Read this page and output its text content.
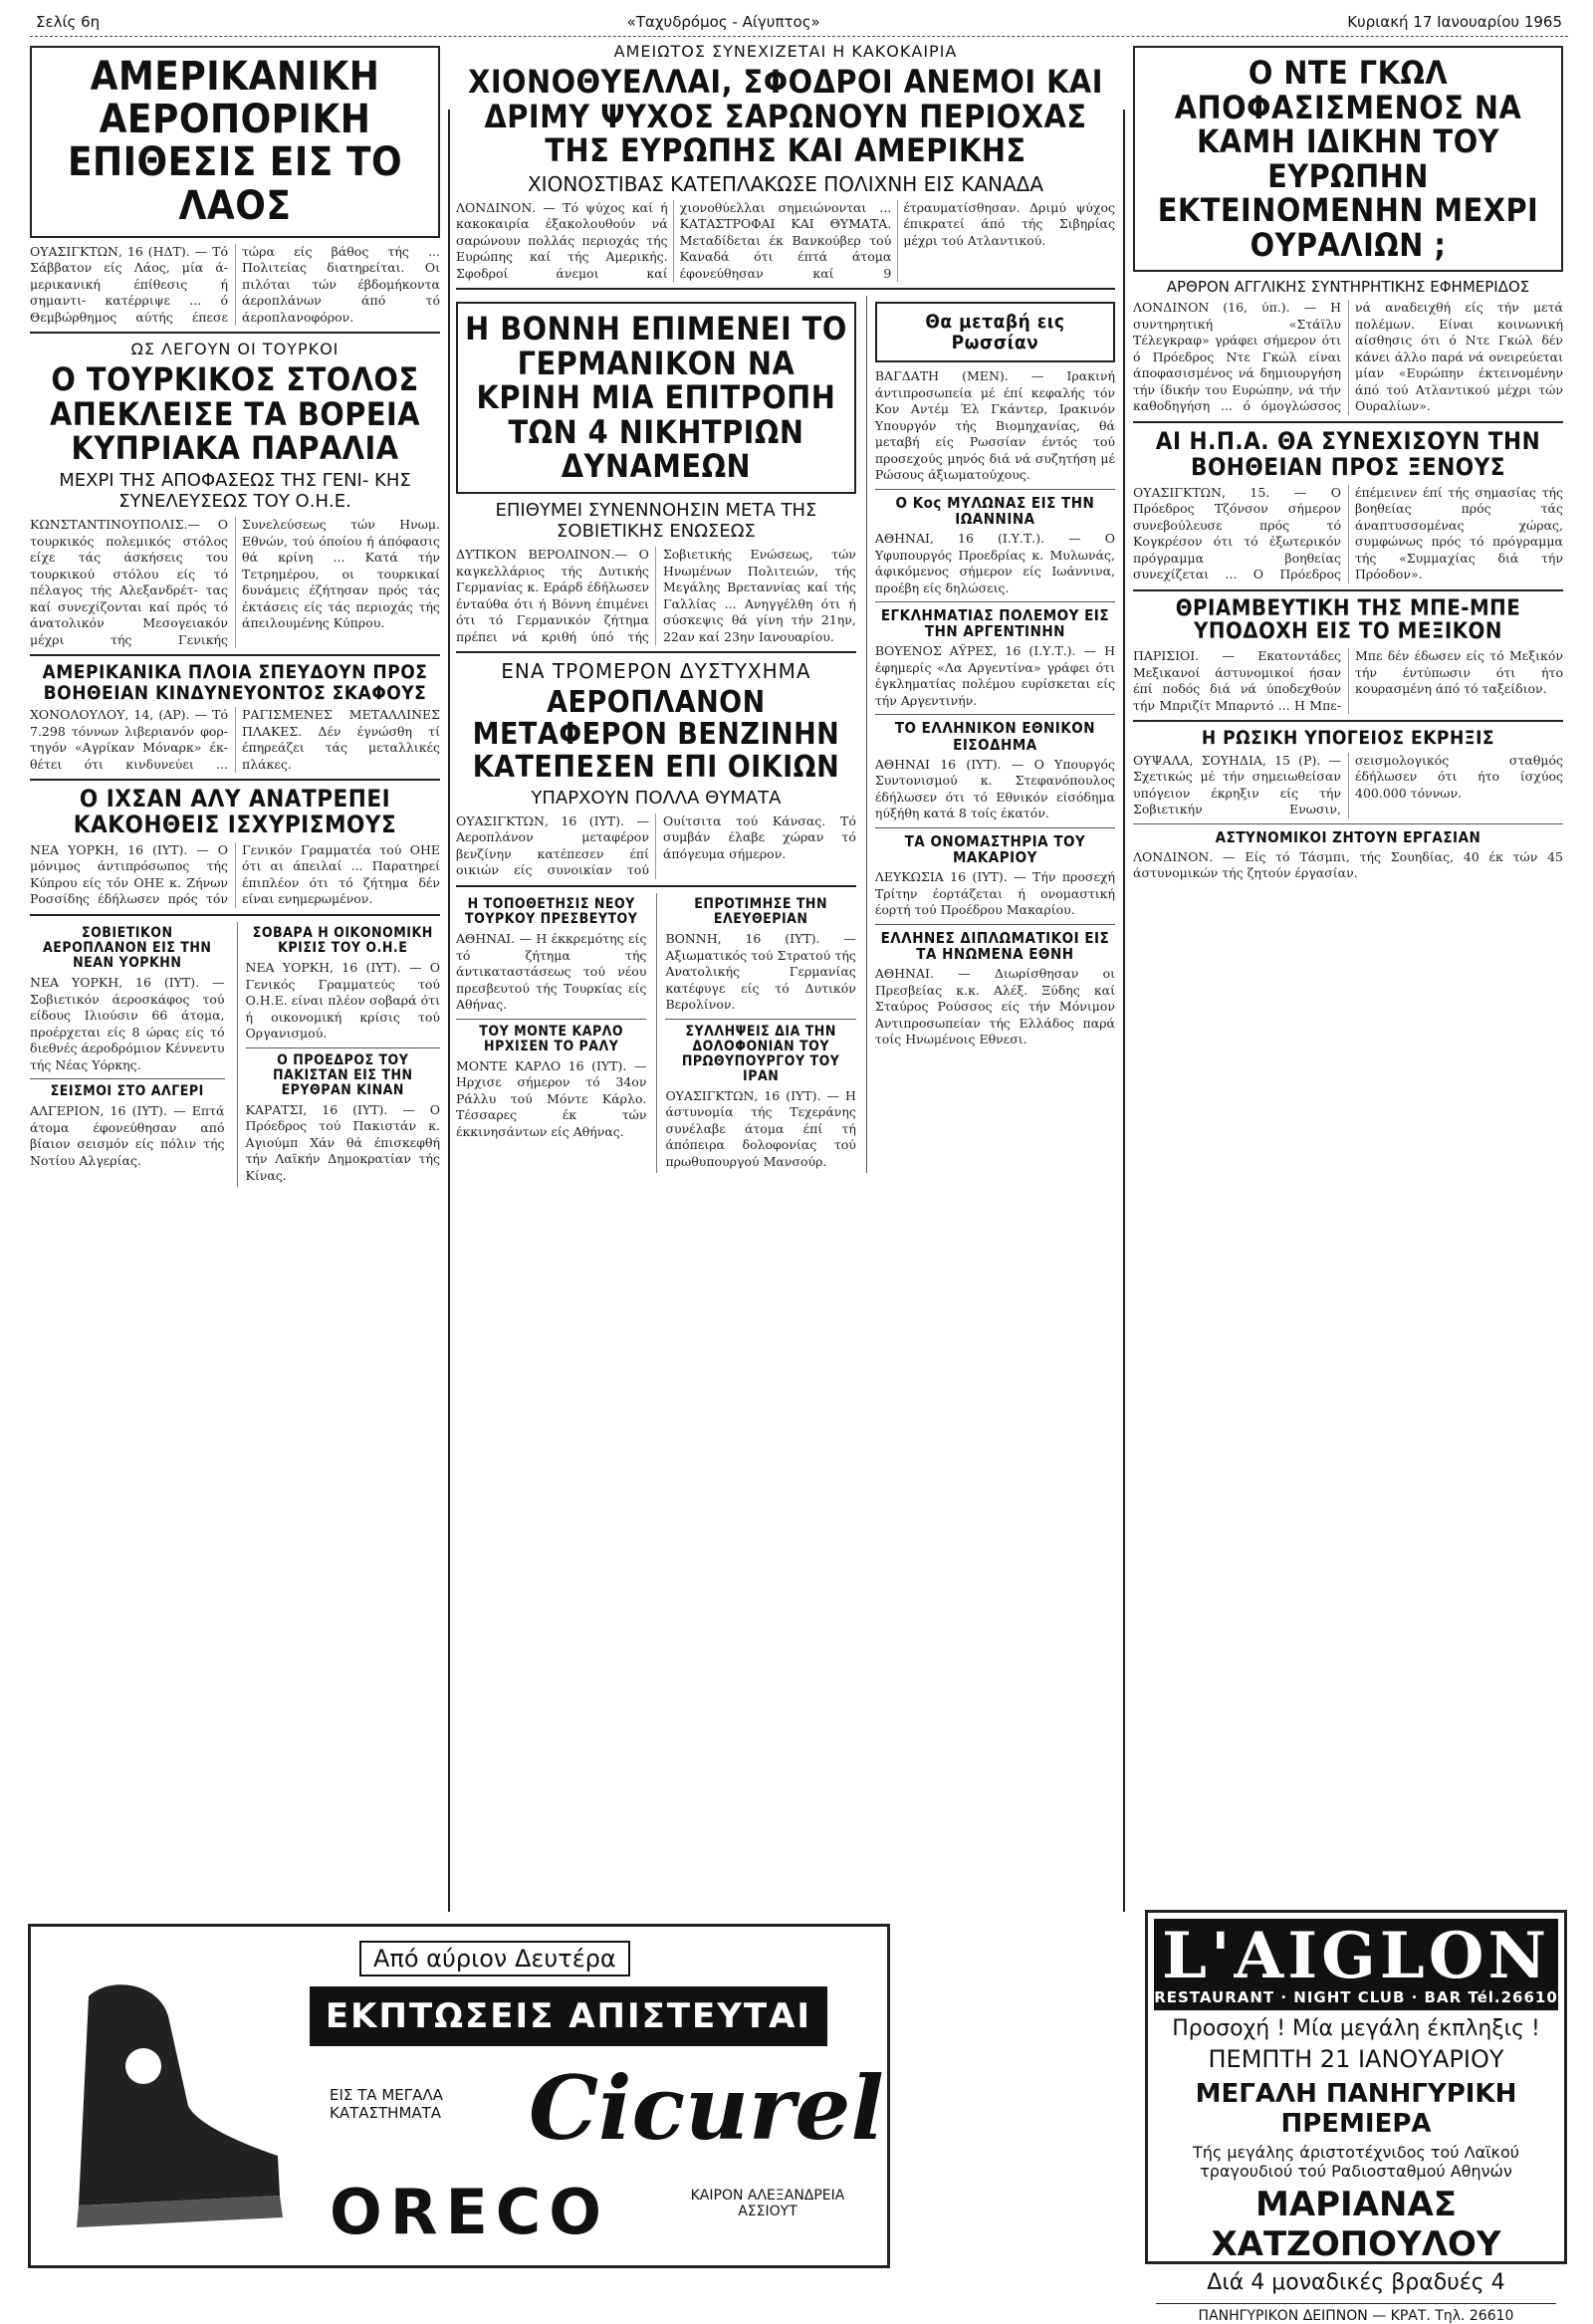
Σελίς 6η	«Ταχυδρόμος - Αίγυπτος»	Κυριακή 17 Ιανουαρίου 1965
ΑΜΕΡΙΚΑΝΙΚΗ ΑΕΡΟΠΟΡΙΚΗ ΕΠΙΘΕΣΙΣ ΕΙΣ ΤΟ ΛΑΟΣ
ΟΥΑΣΙΓΚΤΩΝ, 16 (ΗΔΤ). — Τό Σάββατον είς Λάος, μία ά- μερικανική έπίθεσις ή σημαντι- κατέρριψε ... ό Θεμβώρθημος αύτής έπεσε τώρα είς βάθος τής ... Πολιτείας διατηρείται. Οι πιλόται τών έβδομήκοντα άεροπλάνων άπό τό άεροπλανοφόρον.
ΩΣ ΛΕΓΟΥΝ ΟΙ ΤΟΥΡΚΟΙ
Ο ΤΟΥΡΚΙΚΟΣ ΣΤΟΛΟΣ ΑΠΕΚΛΕΙΣΕ ΤΑ ΒΟΡΕΙΑ ΚΥΠΡΙΑΚΑ ΠΑΡΑΛΙΑ
ΜΕΧΡΙ ΤΗΣ ΑΠΟΦΑΣΕΩΣ ΤΗΣ ΓΕΝΙ- ΚΗΣ ΣΥΝΕΛΕΥΣΕΩΣ ΤΟΥ Ο.Η.Ε.
ΚΩΝΣΤΑΝΤΙΝΟΥΠΟΛΙΣ.— Ο τουρκικός πολεμικός στόλος είχε τάς άσκήσεις του τουρκικού στόλου είς τό πέλαγος τής Αλεξανδρέτ- τας καί συνεχίζονται καί πρός τό άνατολικόν Μεσογειακόν μέχρι τής Γενικής Συνελεύσεως τών Ηνωμ. Εθνών, τού όποίου ή άπόφασις θά κρίνη ... Κατά τήν Τετρημέρου, οι τουρκικαί δυνάμεις έζήτησαν πρός τάς έκτάσεις είς τάς περιοχάς τής άπειλουμένης Κύπρου.
ΑΜΕΡΙΚΑΝΙΚΑ ΠΛΟΙΑ ΣΠΕΥΔΟΥΝ ΠΡΟΣ ΒΟΗΘΕΙΑΝ ΚΙΝΔΥΝΕΥΟΝΤΟΣ ΣΚΑΦΟΥΣ
ΧΟΝΟΛΟΥΛΟΥ, 14, (ΑΡ). — Τό 7.298 τόννων λιβεριανόν φορ- τηγόν «Αγρίκαν Μόναρκ» έκ- θέτει ότι κινδυνεύει ... ΡΑΓΙΣΜΕΝΕΣ ΜΕΤΑΛΛΙΝΕΣ ΠΛΑΚΕΣ. Δέν έγνώσθη τί έπηρεάζει τάς μεταλλικές πλάκες.
Ο ΙΧΣΑΝ ΑΛΥ ΑΝΑΤΡΕΠΕΙ ΚΑΚΟΗΘΕΙΣ ΙΣΧΥΡΙΣΜΟΥΣ
ΝΕΑ ΥΟΡΚΗ, 16 (ΙΥΤ). — Ο μόνιμος άντιπρόσωπος τής Κύπρου είς τόν ΟΗΕ κ. Ζήνων Ροσσίδης έδήλωσεν πρός τόν Γενικόν Γραμματέα τού ΟΗΕ ότι αι άπειλαί ... Παρατηρεί έπιπλέον ότι τό ζήτημα δέν είναι ενημερωμένον.
ΣΟΒΙΕΤΙΚΟΝ ΑΕΡΟΠΛΑΝΟΝ ΕΙΣ ΤΗΝ ΝΕΑΝ ΥΟΡΚΗΝ
ΝΕΑ ΥΟΡΚΗ, 16 (ΙΥΤ). — Σοβιετικόν άεροσκάφος τού είδους Ιλιούσιν 66 άτομα, προέρχεται είς 8 ώρας είς τό διεθνές άεροδρόμιον Κέννεντυ τής Νέας Υόρκης.
ΣΕΙΣΜΟΙ ΣΤΟ ΑΛΓΕΡΙ
ΑΛΓΕΡΙΟΝ, 16 (ΙΥΤ). — Επτά άτομα έφονεύθησαν από βίαιον σεισμόν είς πόλιν τής Νοτίου Αλγερίας.
ΣΟΒΑΡΑ Η ΟΙΚΟΝΟΜΙΚΗ ΚΡΙΣΙΣ ΤΟΥ Ο.Η.Ε
ΝΕΑ ΥΟΡΚΗ, 16 (ΙΥΤ). — Ο Γενικός Γραμματεύς τού Ο.Η.Ε. είναι πλέον σοβαρά ότι ή οικονομική κρίσις τού Οργανισμού.
Ο ΠΡΟΕΔΡΟΣ ΤΟΥ ΠΑΚΙΣΤΑΝ ΕΙΣ ΤΗΝ ΕΡΥΘΡΑΝ ΚΙΝΑΝ
ΚΑΡΑΤΣΙ, 16 (ΙΥΤ). — Ο Πρόεδρος τού Πακιστάν κ. Αγιούμπ Χάν θά έπισκεφθή τήν Λαϊκήν Δημοκρατίαν τής Κίνας.
ΑΜΕΙΩΤΟΣ ΣΥΝΕΧΙΖΕΤΑΙ Η ΚΑΚΟΚΑΙΡΙΑ
ΧΙΟΝΟΘΥΕΛΛΑΙ, ΣΦΟΔΡΟΙ ΑΝΕΜΟΙ ΚΑΙ ΔΡΙΜΥ ΨΥΧΟΣ ΣΑΡΩΝΟΥΝ ΠΕΡΙΟΧΑΣ ΤΗΣ ΕΥΡΩΠΗΣ ΚΑΙ ΑΜΕΡΙΚΗΣ
ΧΙΟΝΟΣΤΙΒΑΣ ΚΑΤΕΠΛΑΚΩΣΕ ΠΟΛΙΧΝΗ ΕΙΣ ΚΑΝΑΔΑ
ΛΟΝΔΙΝΟΝ. — Τό ψύχος καί ή κακοκαιρία έξακολουθούν νά σαρώνουν πολλάς περιοχάς τής Ευρώπης καί τής Αμερικής. Σφοδροί άνεμοι καί χιονοθύελλαι σημειώνονται ... ΚΑΤΑΣΤΡΟΦΑΙ ΚΑΙ ΘΥΜΑΤΑ. Μεταδίδεται έκ Βανκούβερ τού Καναδά ότι έπτά άτομα έφονεύθησαν καί 9 έτραυματίσθησαν. Δριμύ ψύχος έπικρατεί άπό τής Σιβηρίας μέχρι τού Ατλαντικού.
Η ΒΟΝΝΗ ΕΠΙΜΕΝΕΙ ΤΟ ΓΕΡΜΑΝΙΚΟΝ ΝΑ ΚΡΙΝΗ ΜΙΑ ΕΠΙΤΡΟΠΗ ΤΩΝ 4 ΝΙΚΗΤΡΙΩΝ ΔΥΝΑΜΕΩΝ
ΕΠΙΘΥΜΕΙ ΣΥΝΕΝΝΟΗΣΙΝ ΜΕΤΑ ΤΗΣ ΣΟΒΙΕΤΙΚΗΣ ΕΝΩΣΕΩΣ
ΔΥΤΙΚΟΝ ΒΕΡΟΛΙΝΟΝ.— Ο καγκελλάριος τής Δυτικής Γερμανίας κ. Εράρδ έδήλωσεν ένταύθα ότι ή Βόννη έπιμένει ότι τό Γερμανικόν ζήτημα πρέπει νά κριθή ύπό τής Σοβιετικής Ενώσεως, τών Ηνωμένων Πολιτειών, τής Μεγάλης Βρεταννίας καί τής Γαλλίας ... Ανηγγέλθη ότι ή σύσκεψις θά γίνη τήν 21ην, 22αν καί 23ην Ιανουαρίου.
ΕΝΑ ΤΡΟΜΕΡΟΝ ΔΥΣΤΥΧΗΜΑ
ΑΕΡΟΠΛΑΝΟΝ ΜΕΤΑΦΕΡΟΝ ΒΕΝΖΙΝΗΝ ΚΑΤΕΠΕΣΕΝ ΕΠΙ ΟΙΚΙΩΝ
ΥΠΑΡΧΟΥΝ ΠΟΛΛΑ ΘΥΜΑΤΑ
ΟΥΑΣΙΓΚΤΩΝ, 16 (ΙΥΤ). — Αεροπλάνον μεταφέρον βενζίνην κατέπεσεν έπί οικιών είς συνοικίαν τού Ουίτσιτα τού Κάνσας. Τό συμβάν έλαβε χώραν τό άπόγευμα σήμερον.
Η ΤΟΠΟΘΕΤΗΣΙΣ ΝΕΟΥ ΤΟΥΡΚΟΥ ΠΡΕΣΒΕΥΤΟΥ
ΑΘΗΝΑΙ. — Η έκκρεμότης είς τό ζήτημα τής άντικαταστάσεως τού νέου πρεσβευτού τής Τουρκίας είς Αθήνας.
ΤΟΥ ΜΟΝΤΕ ΚΑΡΛΟ ΗΡΧΙΣΕΝ ΤΟ ΡΑΛΥ
ΜΟΝΤΕ ΚΑΡΛΟ 16 (ΙΥΤ). — Ηρχισε σήμερον τό 34ον Ράλλυ τού Μόντε Κάρλο. Τέσσαρες έκ τών έκκινησάντων είς Αθήνας.
ΕΠΡΟΤΙΜΗΣΕ ΤΗΝ ΕΛΕΥΘΕΡΙΑΝ
ΒΟΝΝΗ, 16 (ΙΥΤ). — Αξιωματικός τού Στρατού τής Ανατολικής Γερμανίας κατέφυγε είς τό Δυτικόν Βερολίνον.
ΣΥΛΛΗΨΕΙΣ ΔΙΑ ΤΗΝ ΔΟΛΟΦΟΝΙΑΝ ΤΟΥ ΠΡΩΘΥΠΟΥΡΓΟΥ ΤΟΥ ΙΡΑΝ
ΟΥΑΣΙΓΚΤΩΝ, 16 (ΙΥΤ). — Η άστυνομία τής Τεχεράνης συνέλαβε άτομα έπί τή άπόπειρα δολοφονίας τού πρωθυπουργού Μανσούρ.
Θα μεταβή εις Ρωσσίαν
ΒΑΓΔΑΤΗ (ΜΕΝ). — Ιρακινή άντιπροσωπεία μέ έπί κεφαλής τόν Κον Αντέμ Έλ Γκάντερ, Ιρακινόν Υπουργόν τής Βιομηχανίας, θά μεταβή είς Ρωσσίαν έντός τού προσεχούς μηνός διά νά συζητήση μέ Ρώσους άξιωματούχους.
Ο Κος ΜΥΛΩΝΑΣ ΕΙΣ ΤΗΝ ΙΩΑΝΝΙΝΑ
ΑΘΗΝΑΙ, 16 (Ι.Υ.Τ.). — Ο Υφυπουργός Προεδρίας κ. Μυλωνάς, άφικόμενος σήμερον είς Ιωάννινα, προέβη είς δηλώσεις.
ΕΓΚΛΗΜΑΤΙΑΣ ΠΟΛΕΜΟΥ ΕΙΣ ΤΗΝ ΑΡΓΕΝΤΙΝΗΝ
ΒΟΥΕΝΟΣ ΑΫΡΕΣ, 16 (Ι.Υ.Τ.). — Η έφημερίς «Λα Αργεντίνα» γράφει ότι έγκληματίας πολέμου ευρίσκεται είς τήν Αργεντινήν.
ΤΟ ΕΛΛΗΝΙΚΟΝ ΕΘΝΙΚΟΝ ΕΙΣΟΔΗΜΑ
ΑΘΗΝΑΙ 16 (ΙΥΤ). — Ο Υπουργός Συντονισμού κ. Στεφανόπουλος έδήλωσεν ότι τό Εθνικόν είσόδημα ηύξήθη κατά 8 τοίς έκατόν.
ΤΑ ΟΝΟΜΑΣΤΗΡΙΑ ΤΟΥ ΜΑΚΑΡΙΟΥ
ΛΕΥΚΩΣΙΑ 16 (ΙΥΤ). — Τήν προσεχή Τρίτην έορτάζεται ή ονομαστική έορτή τού Προέδρου Μακαρίου.
ΕΛΛΗΝΕΣ ΔΙΠΛΩΜΑΤΙΚΟΙ ΕΙΣ ΤΑ ΗΝΩΜΕΝΑ ΕΘΝΗ
ΑΘΗΝΑΙ. — Διωρίσθησαν οι Πρεσβείας κ.κ. Αλέξ. Ξύδης καί Σταύρος Ρούσσος είς τήν Μόνιμον Αντιπροσωπείαν τής Ελλάδος παρά τοίς Ηνωμένοις Εθνεσι.
Ο ΝΤΕ ΓΚΩΛ ΑΠΟΦΑΣΙΣΜΕΝΟΣ ΝΑ ΚΑΜΗ ΙΔΙΚΗΝ ΤΟΥ ΕΥΡΩΠΗΝ ΕΚΤΕΙΝΟΜΕΝΗΝ ΜΕΧΡΙ ΟΥΡΑΛΙΩΝ ;
ΑΡΘΡΟΝ ΑΓΓΛΙΚΗΣ ΣΥΝΤΗΡΗΤΙΚΗΣ ΕΦΗΜΕΡΙΔΟΣ
ΛΟΝΔΙΝΟΝ (16, ύπ.). — Η συντηρητική «Στάϊλυ Τέλεγκραφ» γράφει σήμερον ότι ό Πρόεδρος Ντε Γκώλ είναι άποφασισμένος νά δημιουργήση τήν ίδικήν του Ευρώπην, νά τήν καθοδηγήση ... ό όμογλώσσος νά αναδειχθή είς τήν μετά πολέμων. Είναι κοινωνική αίσθησις ότι ό Ντε Γκώλ δέν κάνει άλλο παρά νά ονειρεύεται μίαν «Ευρώπην έκτεινομένην άπό τού Ατλαντικού μέχρι τών Ουραλίων».
ΑΙ Η.Π.Α. ΘΑ ΣΥΝΕΧΙΣΟΥΝ ΤΗΝ ΒΟΗΘΕΙΑΝ ΠΡΟΣ ΞΕΝΟΥΣ
ΟΥΑΣΙΓΚΤΩΝ, 15. — Ο Πρόεδρος Τζόνσον σήμερον συνεβούλευσε πρός τό Κογκρέσον ότι τό έξωτερικόν πρόγραμμα βοηθείας συνεχίζεται ... Ο Πρόεδρος έπέμεινεν έπί τής σημασίας τής βοηθείας πρός τάς άναπτυσσομένας χώρας, συμφώνως πρός τό πρόγραμμα τής «Συμμαχίας διά τήν Πρόοδον».
ΘΡΙΑΜΒΕΥΤΙΚΗ ΤΗΣ ΜΠΕ-ΜΠΕ ΥΠΟΔΟΧΗ ΕΙΣ ΤΟ ΜΕΞΙΚΟΝ
ΠΑΡΙΣΙΟΙ. — Εκατοντάδες Μεξικανοί άστυνομικοί ήσαν έπί ποδός διά νά ύποδεχθούν τήν Μπριζίτ Μπαρντό ... Η Μπε-Μπε δέν έδωσεν είς τό Μεξικόν τήν έντύπωσιν ότι ήτο κουρασμένη άπό τό ταξείδιον.
Η ΡΩΣΙΚΗ ΥΠΟΓΕΙΟΣ ΕΚΡΗΞΙΣ
ΟΥΨΑΛΑ, ΣΟΥΗΔΙΑ, 15 (Ρ). — Σχετικώς μέ τήν σημειωθείσαν υπόγειον έκρηξιν είς τήν Σοβιετικήν Ενωσιν, σεισμολογικός σταθμός έδήλωσεν ότι ήτο ίσχύος 400.000 τόννων.
ΑΣΤΥΝΟΜΙΚΟΙ ΖΗΤΟΥΝ ΕΡΓΑΣΙΑΝ
ΛΟΝΔΙΝΟΝ. — Είς τό Τάσμπι, τής Σουηδίας, 40 έκ τών 45 άστυνομικών τής ζητούν έργασίαν.
Από αύριον Δευτέρα
ΕΚΠΤΩΣΕΙΣ ΑΠΙΣΤΕΥΤΑΙ
Cicurel
ΕΙΣ ΤΑ ΜΕΓΑΛΑ ΚΑΤΑΣΤΗΜΑΤΑ
ORECO	ΚΑΙΡΟΝ ΑΛΕΞΑΝΔΡΕΙΑ ΑΣΣΙΟΥΤ
L'AIGLON
RESTAURANT · NIGHT CLUB · BAR Tél.26610
Προσοχή ! Μία μεγάλη έκπληξις !
ΠΕΜΠΤΗ 21 ΙΑΝΟΥΑΡΙΟΥ
ΜΕΓΑΛΗ ΠΑΝΗΓΥΡΙΚΗ ΠΡΕΜΙΕΡΑ
Τής μεγάλης άριστοτέχνιδος τού Λαϊκού τραγουδιού τού Ραδιοσταθμού Αθηνών
ΜΑΡΙΑΝΑΣ ΧΑΤΖΟΠΟΥΛΟΥ
Διά 4 μοναδικές βραδυές 4
ΠΑΝΗΓΥΡΙΚΟΝ ΔΕΙΠΝΟΝ — ΚΡΑΤ. Τηλ. 26610
